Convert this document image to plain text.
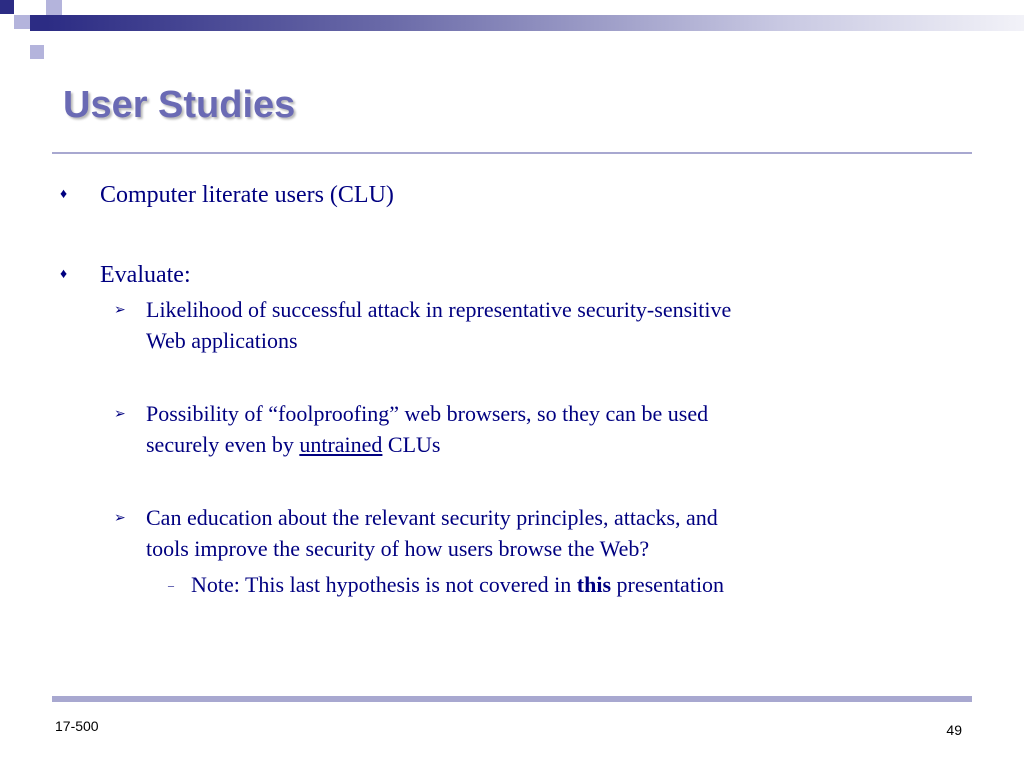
User Studies
♦ Computer literate users (CLU)
♦ Evaluate:
➢ Likelihood of successful attack in representative security-sensitive
Web applications
➢ Possibility of “foolproofing” web browsers, so they can be used
securely even by untrained CLUs
➢ Can education about the relevant security principles, attacks, and
tools improve the security of how users browse the Web?
– Note: This last hypothesis is not covered in this presentation
17-500	49
